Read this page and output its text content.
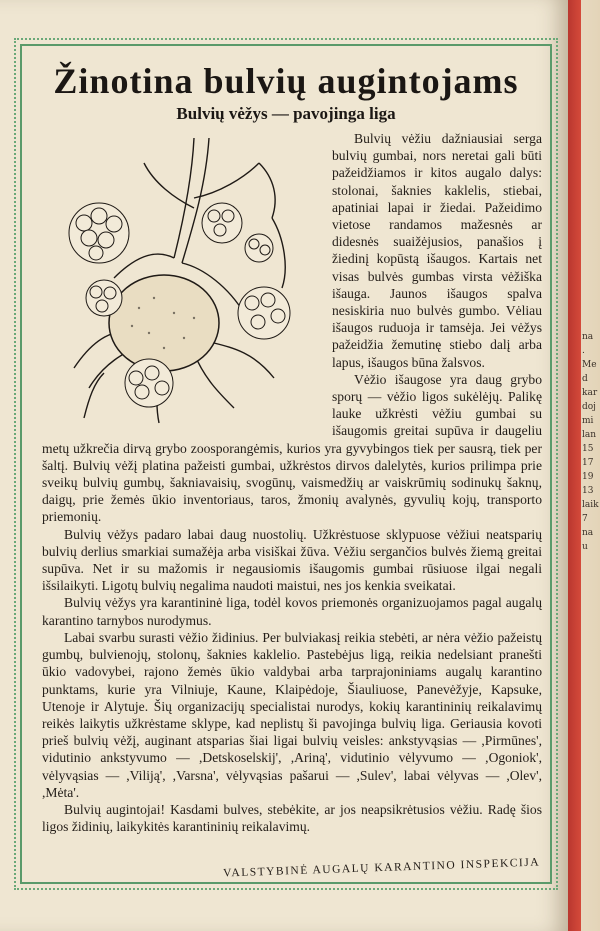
Žinotina bulvių augintojams
Bulvių vėžys — pavojinga liga

Bulvių vėžiu dažniausiai serga bulvių gumbai, nors neretai gali būti pažeidžiamos ir kitos augalo dalys: stolonai, šaknies kaklelis, stiebai, apatiniai lapai ir žiedai. Pažeidimo vietose randamos mažesnės ar didesnės suaižėjusios, panašios į žiedinį kopūstą išaugos. Kartais net visas bulvės gumbas virsta vėžiška išauga. Jaunos išaugos spalva nesiskiria nuo bulvės gumbo. Vėliau išaugos ruduoja ir tamsėja. Jei vėžys pažeidžia žemutinę stiebo dalį arba lapus, išaugos būna žalsvos.

Vėžio išaugose yra daug grybo sporų — vėžio ligos sukėlėjų. Palikę lauke užkrėsti vėžiu gumbai su išaugomis greitai supūva ir daugeliu metų užkrečia dirvą grybo zoosporangėmis, kurios yra gyvybingos tiek per sausrą, tiek per šaltį. Bulvių vėžį platina pažeisti gumbai, užkrėstos dirvos dalelytės, kurios prilimpa prie sveikų bulvių gumbų, šakniavaisių, svogūnų, vaismedžių ar vaiskrūmių sodinukų šaknų, daigų, prie žemės ūkio inventoriaus, taros, žmonių avalynės, gyvulių kojų, transporto priemonių.

Bulvių vėžys padaro labai daug nuostolių. Užkrėstuose sklypuose vėžiui neatsparių bulvių derlius smarkiai sumažėja arba visiškai žūva. Vėžiu sergančios bulvės žiemą greitai supūva. Net ir su mažomis ir negausiomis išaugomis gumbai rūsiuose ilgai negali išsilaikyti. Ligotų bulvių negalima naudoti maistui, nes jos kenkia sveikatai.

Bulvių vėžys yra karantininė liga, todėl kovos priemonės organizuojamos pagal augalų karantino tarnybos nurodymus.

Labai svarbu surasti vėžio židinius. Per bulviakasį reikia stebėti, ar nėra vėžio pažeistų gumbų, bulvienojų, stolonų, šaknies kaklelio. Pastebėjus ligą, reikia nedelsiant pranešti ūkio vadovybei, rajono žemės ūkio valdybai arba tarprajoniniams augalų karantino punktams, kurie yra Vilniuje, Kaune, Klaipėdoje, Šiauliuose, Panevėžyje, Kapsuke, Utenoje ir Alytuje. Šių organizacijų specialistai nurodys, kokių karantininių reikalavimų reikės laikytis užkrėstame sklype, kad neplistų ši pavojinga bulvių liga. Geriausia kovoti prieš bulvių vėžį, auginant atsparias šiai ligai bulvių veisles: ankstyvąsias — ,Pirmūnes', vidutinio ankstyvumo — ,Detskoselskij', ,Ariną', vidutinio vėlyvumo — ,Ogoniok', vėlyvąsias — ,Viliją', ,Varsna', vėlyvąsias pašarui — ,Sulev', labai vėlyvas — ,Olev', ,Mėta'.

Bulvių augintojai! Kasdami bulves, stebėkite, ar jos neapsikrėtusios vėžiu. Radę šios ligos židinių, laikykitės karantininių reikalavimų.

VALSTYBINĖ AUGALŲ KARANTINO INSPEKCIJA
na
.
Me
d
kar
doj
mi
lan
15
17
19
13
laik
7
na
u
